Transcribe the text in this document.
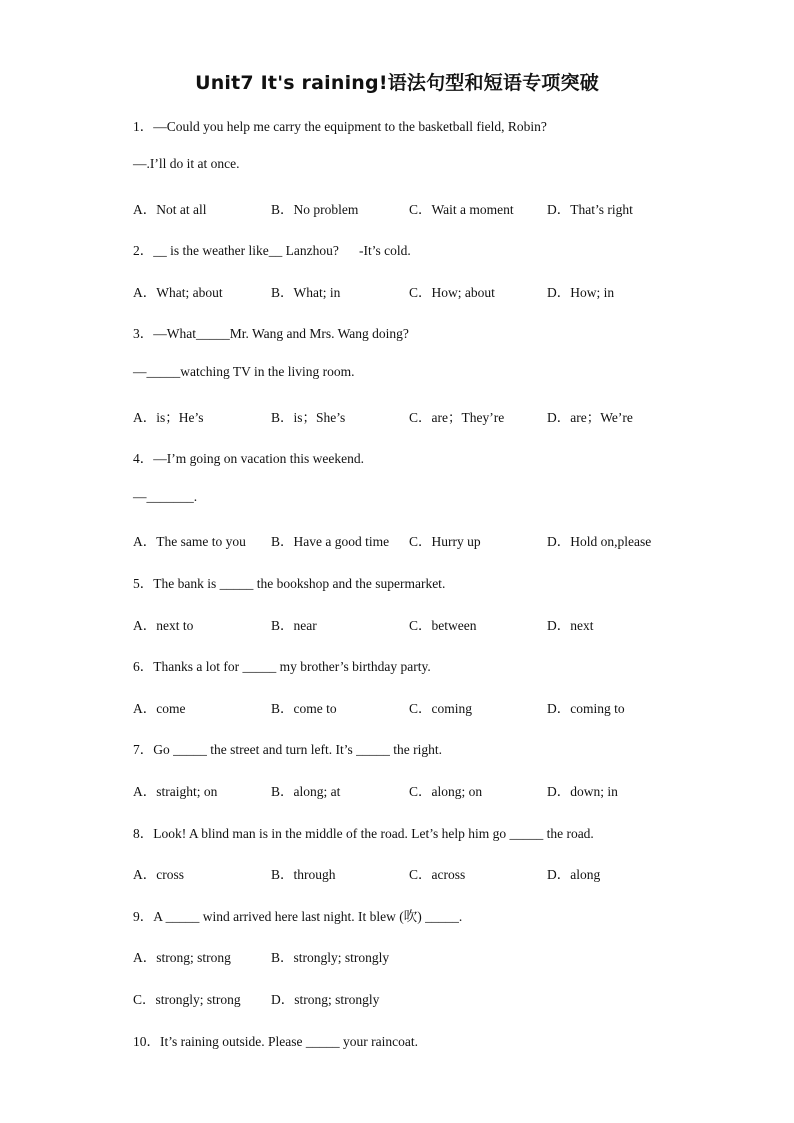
Unit7 It's raining!语法句型和短语专项突破
1．—Could you help me carry the equipment to the basketball field, Robin?
—.I’ll do it at once.
A．Not at all	B．No problem	C．Wait a moment D．That’s right
2．__ is the weather like__ Lanzhou?      -It’s cold.
A．What; about	B．What; in	C．How; about	D．How; in
3．—What_____Mr. Wang and Mrs. Wang doing?
—_____watching TV in the living room.
A．is；He’s	B．is；She’s	C．are；They’re	D．are；We’re
4．—I’m going on vacation this weekend.
—_______.
A．The same to you B．Have a good time C．Hurry up	D．Hold on,please
5．The bank is _____ the bookshop and the supermarket.
A．next to	B．near	C．between	D．next
6．Thanks a lot for _____ my brother’s birthday party.
A．come	B．come to	C．coming	D．coming to
7．Go _____ the street and turn left. It’s _____ the right.
A．straight; on	B．along; at	C．along; on	D．down; in
8．Look! A blind man is in the middle of the road. Let’s help him go _____ the road.
A．cross	B．through	C．across	D．along
9．A _____ wind arrived here last night. It blew (吹) _____.
A．strong; strong	B．strongly; strongly
C．strongly; strong D．strong; strongly
10．It’s raining outside. Please _____ your raincoat.
